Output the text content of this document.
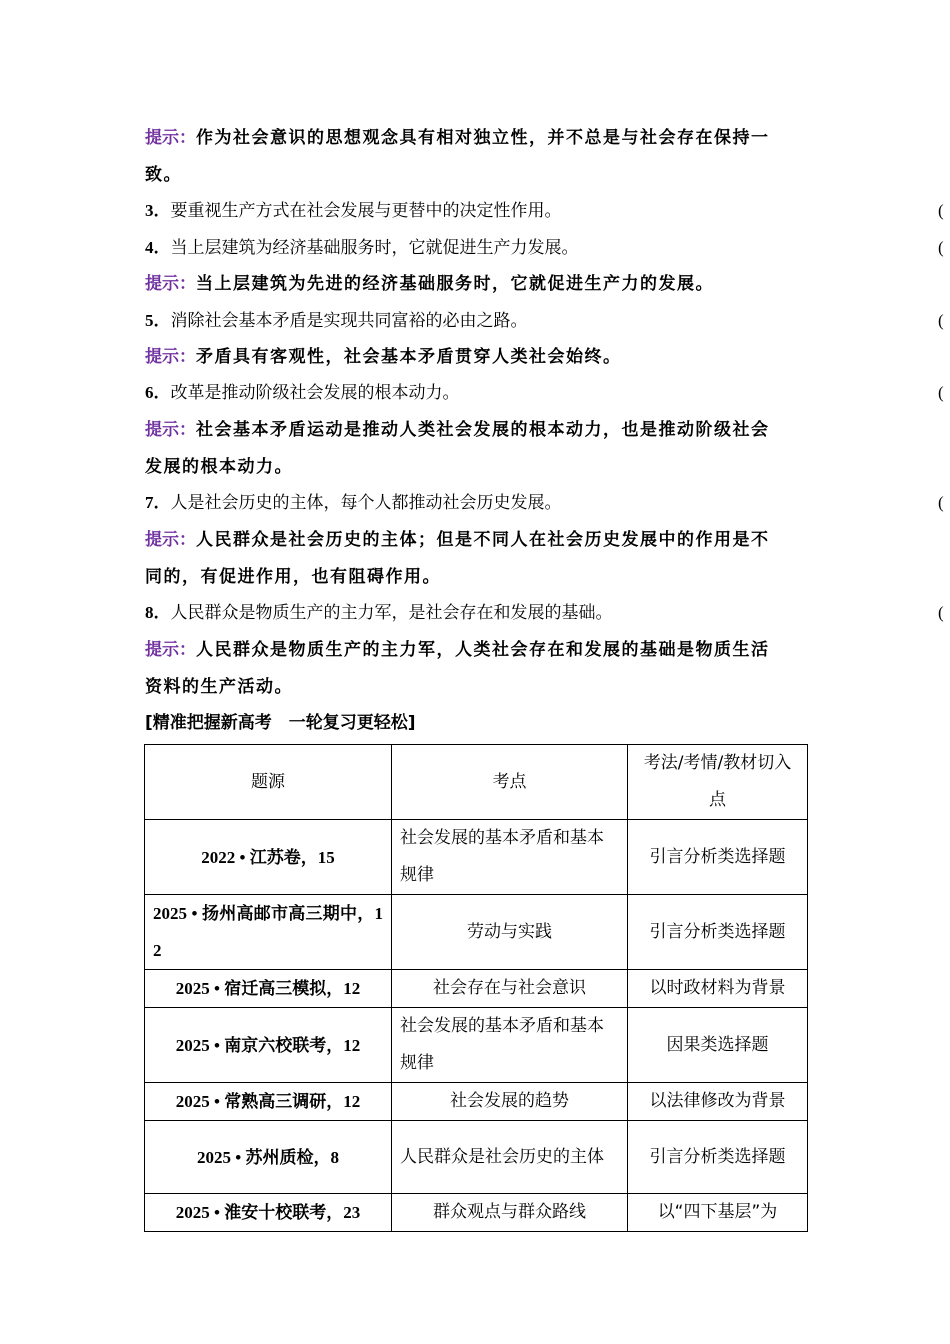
提示：作为社会意识的思想观念具有相对独立性，并不总是与社会存在保持一
致。
3．要重视生产方式在社会发展与更替中的决定性作用。	(
4．当上层建筑为经济基础服务时，它就促进生产力发展。	(
提示：当上层建筑为先进的经济基础服务时，它就促进生产力的发展。
5．消除社会基本矛盾是实现共同富裕的必由之路。	(
提示：矛盾具有客观性，社会基本矛盾贯穿人类社会始终。
6．改革是推动阶级社会发展的根本动力。	(
提示：社会基本矛盾运动是推动人类社会发展的根本动力，也是推动阶级社会
发展的根本动力。
7．人是社会历史的主体，每个人都推动社会历史发展。	(
提示：人民群众是社会历史的主体；但是不同人在社会历史发展中的作用是不
同的，有促进作用，也有阻碍作用。
8．人民群众是物质生产的主力军，是社会存在和发展的基础。	(
提示：人民群众是物质生产的主力军，人类社会存在和发展的基础是物质生活
资料的生产活动。
[精准把握新高考　一轮复习更轻松]
题源	考点	考法/考情/教材切入点
2022 • 江苏卷，15	社会发展的基本矛盾和基本规律	引言分析类选择题
2025 • 扬州高邮市高三期中，12	劳动与实践	引言分析类选择题
2025 • 宿迁高三模拟，12	社会存在与社会意识	以时政材料为背景
2025 • 南京六校联考，12	社会发展的基本矛盾和基本规律	因果类选择题
2025 • 常熟高三调研，12	社会发展的趋势	以法律修改为背景
2025 • 苏州质检，8	人民群众是社会历史的主体	引言分析类选择题
2025 • 淮安十校联考，23	群众观点与群众路线	以“四下基层”为
